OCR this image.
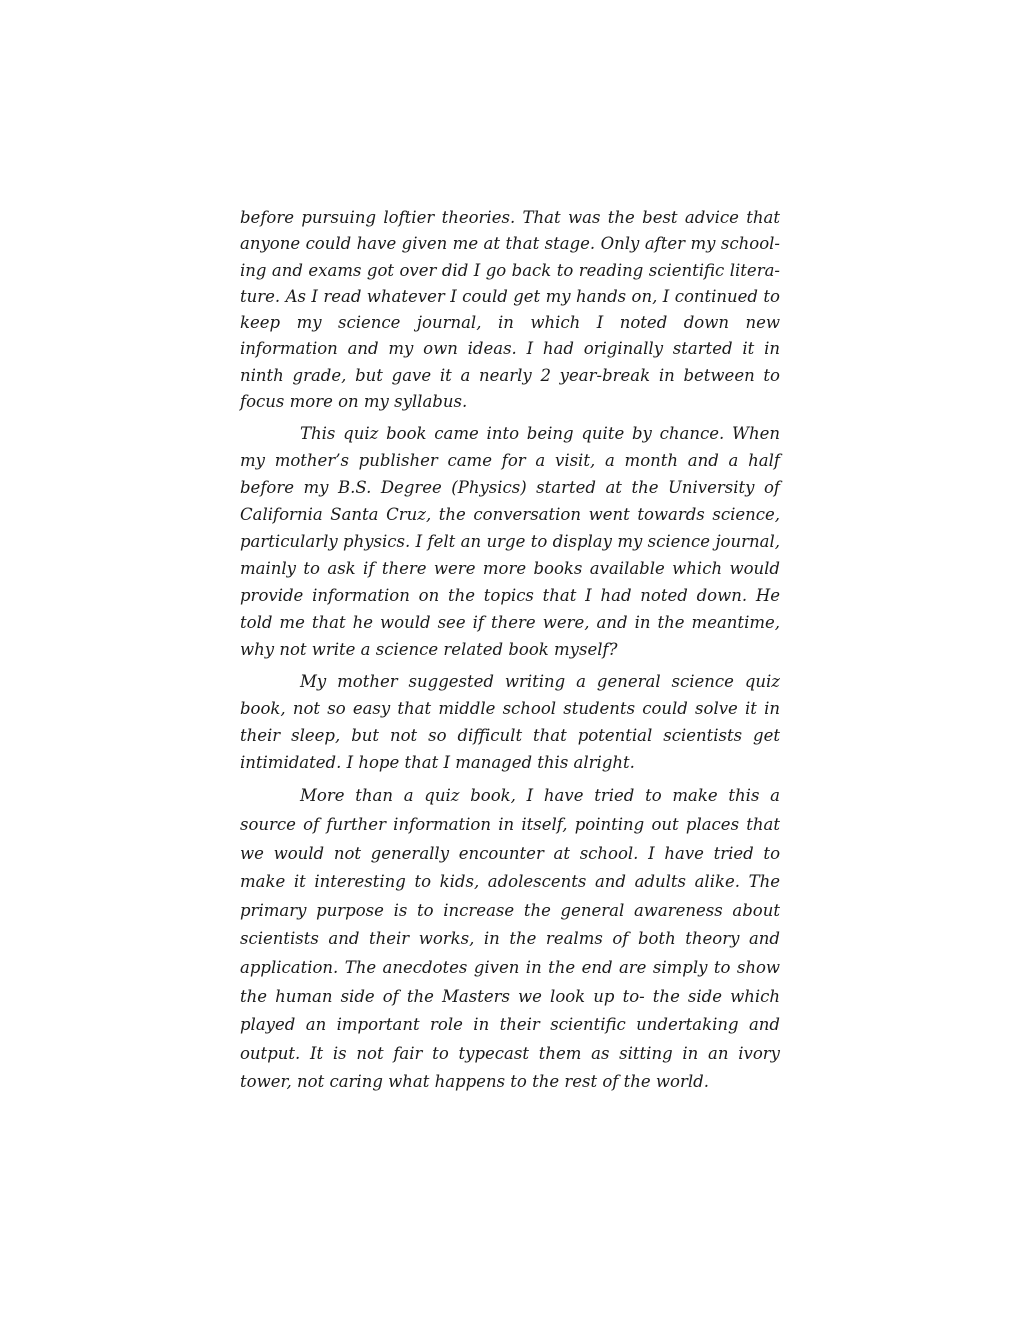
before pursuing loftier theories. That was the best advice that anyone could have given me at that stage. Only after my schooling and exams got over did I go back to reading scientific literature. As I read whatever I could get my hands on, I continued to keep my science journal, in which I noted down new information and my own ideas. I had originally started it in ninth grade, but gave it a nearly 2 year-break in between to focus more on my syllabus.

This quiz book came into being quite by chance. When my mother’s publisher came for a visit, a month and a half before my B.S. Degree (Physics) started at the University of California Santa Cruz, the conversation went towards science, particularly physics. I felt an urge to display my science journal, mainly to ask if there were more books available which would provide information on the topics that I had noted down. He told me that he would see if there were, and in the meantime, why not write a science related book myself?

My mother suggested writing a general science quiz book, not so easy that middle school students could solve it in their sleep, but not so difficult that potential scientists get intimidated. I hope that I managed this alright.

More than a quiz book, I have tried to make this a source of further information in itself, pointing out places that we would not generally encounter at school. I have tried to make it interesting to kids, adolescents and adults alike. The primary purpose is to increase the general awareness about scientists and their works, in the realms of both theory and application. The anecdotes given in the end are simply to show the human side of the Masters we look up to- the side which played an important role in their scientific undertaking and output. It is not fair to typecast them as sitting in an ivory tower, not caring what happens to the rest of the world.
